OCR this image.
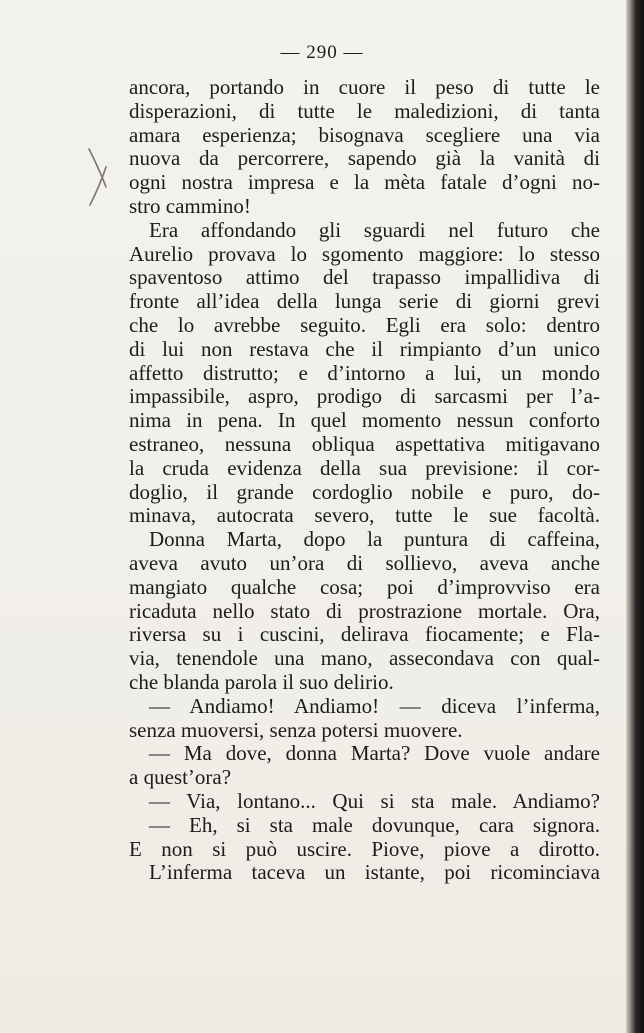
— 290 —
ancora, portando in cuore il peso di tutte le
disperazioni, di tutte le maledizioni, di tanta
amara esperienza; bisognava scegliere una via
nuova da percorrere, sapendo già la vanità di
ogni nostra impresa e la mèta fatale d’ogni no-
stro cammino!
Era affondando gli sguardi nel futuro che
Aurelio provava lo sgomento maggiore: lo stesso
spaventoso attimo del trapasso impallidiva di
fronte all’idea della lunga serie di giorni grevi
che lo avrebbe seguito. Egli era solo: dentro
di lui non restava che il rimpianto d’un unico
affetto distrutto; e d’intorno a lui, un mondo
impassibile, aspro, prodigo di sarcasmi per l’a-
nima in pena. In quel momento nessun conforto
estraneo, nessuna obliqua aspettativa mitigavano
la cruda evidenza della sua previsione: il cor-
doglio, il grande cordoglio nobile e puro, do-
minava, autocrata severo, tutte le sue facoltà.
Donna Marta, dopo la puntura di caffeina,
aveva avuto un’ora di sollievo, aveva anche
mangiato qualche cosa; poi d’improvviso era
ricaduta nello stato di prostrazione mortale. Ora,
riversa su i cuscini, delirava fiocamente; e Fla-
via, tenendole una mano, assecondava con qual-
che blanda parola il suo delirio.
— Andiamo! Andiamo! — diceva l’inferma,
senza muoversi, senza potersi muovere.
— Ma dove, donna Marta? Dove vuole andare
a quest’ora?
— Via, lontano... Qui si sta male. Andiamo?
— Eh, si sta male dovunque, cara signora.
E non si può uscire. Piove, piove a dirotto.
L’inferma taceva un istante, poi ricominciava
